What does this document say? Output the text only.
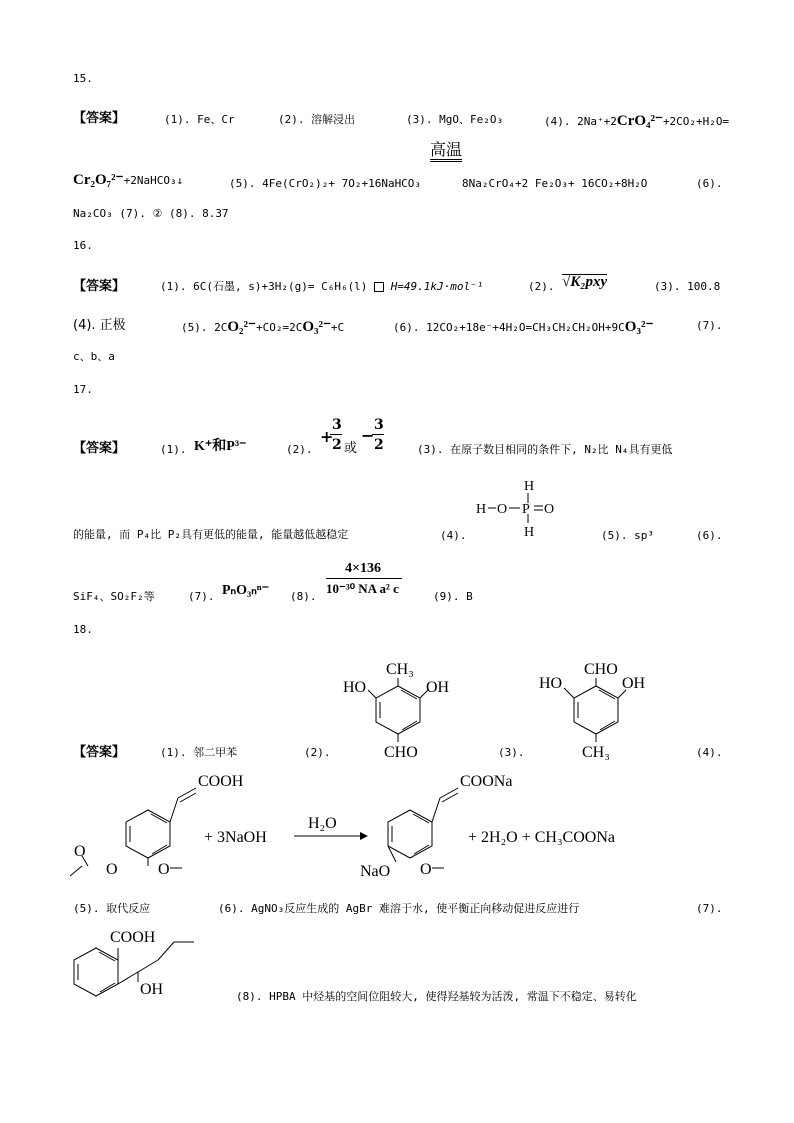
15.
【答案】	(1). Fe、Cr	(2). 溶解浸出	(3). MgO、Fe₂O₃	(4). 2Na⁺+2CrO₄²⁻+2CO₂+H₂O=
高温
Cr₂O₇²⁻+2NaHCO₃↓	(5). 4Fe(CrO₂)₂+ 7O₂+16NaHCO₃	8Na₂CrO₄+2 Fe₂O₃+ 16CO₂+8H₂O	(6).
Na₂CO₃ (7). ② (8). 8.37
16.
【答案】	(1). 6C(石墨, s)+3H₂(g)= C₆H₆(l) H=49.1kJ·mol⁻¹	(2). √K₂pxy	(3). 100.8
(4). 正极	(5). 2CO₂²⁻+CO₂=2CO₃²⁻+C	(6). 12CO₂+18e⁻+4H₂O=CH₃CH₂CH₂OH+9CO₃²⁻	(7).
c、b、a
17.
【答案】	(1). K⁺和P³⁻	(2).
+
3
2 或
−
3
2	(3). 在原子数目相同的条件下, N₂比 N₄具有更低
的能量, 而 P₄比 P₂具有更低的能量, 能量越低越稳定	(4).
H
H O P O
H	(5). sp³	(6).
SiF₄、SO₂F₂等	(7). PₙO₃ₙⁿ⁻ (8).
4×136
10⁻³⁰ NA a² c
(9). B
18.
【答案】	(1). 邻二甲苯	(2).
CH₃
HO	OH
CHO	(3).
CHO
HO	OH
CH₃	(4).
COOH
O
O
O
+ 3NaOH
H₂O
COONa
NaO O
+ 2H₂O + CH₃COONa
(5). 取代反应	(6). AgNO₃反应生成的 AgBr 难溶于水, 使平衡正向移动促进反应进行	(7).
COOH
OH	(8). HPBA 中烃基的空间位阻较大, 使得羟基较为活泼, 常温下不稳定、易转化
